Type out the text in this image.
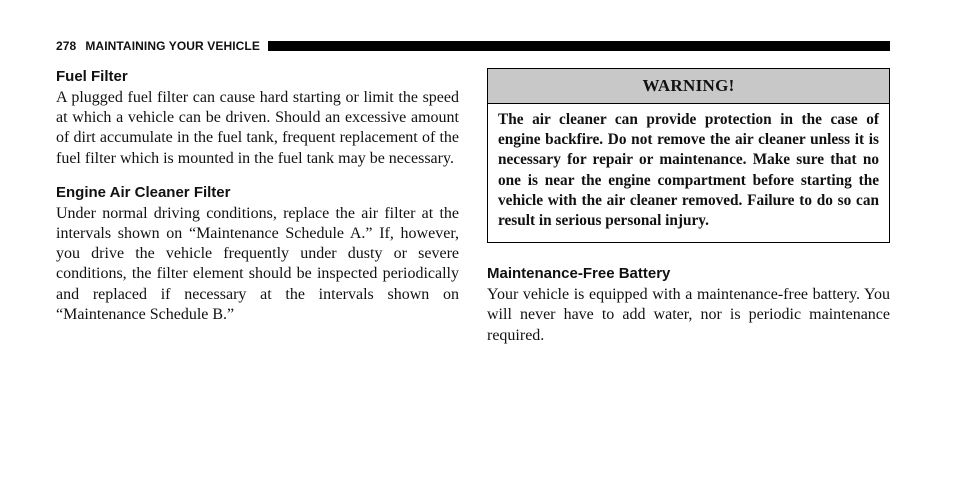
278 MAINTAINING YOUR VEHICLE
Fuel Filter

A plugged fuel filter can cause hard starting or limit the speed at which a vehicle can be driven. Should an excessive amount of dirt accumulate in the fuel tank, frequent replacement of the fuel filter which is mounted in the fuel tank may be necessary.

Engine Air Cleaner Filter

Under normal driving conditions, replace the air filter at the intervals shown on “Maintenance Schedule A.” If, however, you drive the vehicle frequently under dusty or severe conditions, the filter element should be inspected periodically and replaced if necessary at the intervals shown on “Maintenance Schedule B.”

WARNING!
The air cleaner can provide protection in the case of engine backfire. Do not remove the air cleaner unless it is necessary for repair or maintenance. Make sure that no one is near the engine compartment before starting the vehicle with the air cleaner removed. Failure to do so can result in serious personal injury.
Maintenance-Free Battery

Your vehicle is equipped with a maintenance-free battery. You will never have to add water, nor is periodic maintenance required.
